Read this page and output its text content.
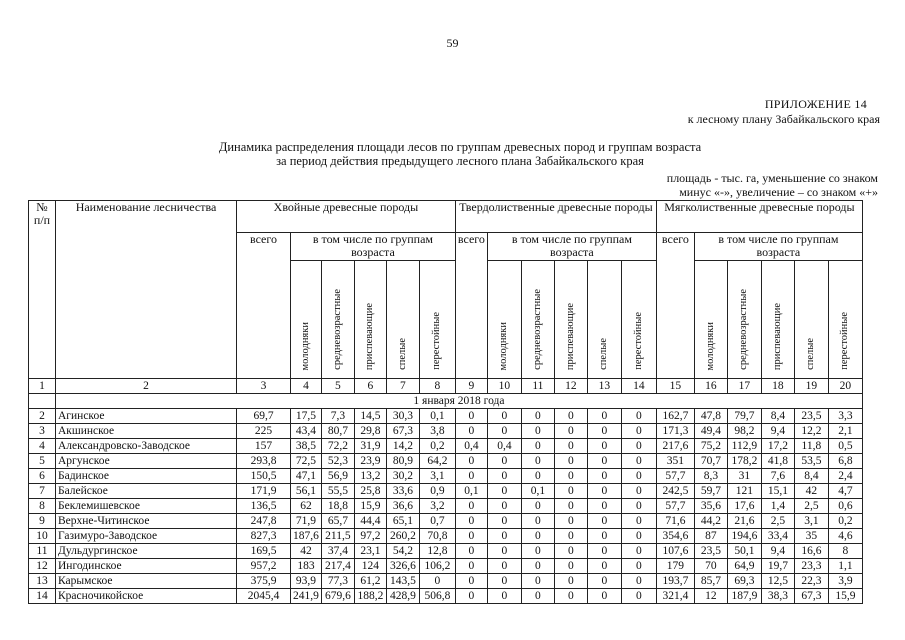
59
ПРИЛОЖЕНИЕ 14
к лесному плану Забайкальского края
Динамика распределения площади лесов по группам древесных пород и группам возраста
за период действия предыдущего лесного плана Забайкальского края
площадь - тыс. га, уменьшение со знаком
минус «-», увеличение – со знаком «+»
№ п/п	Наименование лесничества	Хвойные древесные породы						Твердолиственные древесные породы						Мягколиственные древесные породы					
		всего	в том числе по группам возраста					всего	в том числе по группам возраста					всего	в том числе по группам возраста				
			молодняки	средневозрастные	приспевающие	спелые	перестойные		молодняки	средневозрастные	приспевающие	спелые	перестойные		молодняки	средневозрастные	приспевающие	спелые	перестойные
1	2	3	4	5	6	7	8	9	10	11	12	13	14	15	16	17	18	19	20
	1 января 2018 года																		
2	Агинское	69,7	17,5	7,3	14,5	30,3	0,1	0	0	0	0	0	0	162,7	47,8	79,7	8,4	23,5	3,3
3	Акшинское	225	43,4	80,7	29,8	67,3	3,8	0	0	0	0	0	0	171,3	49,4	98,2	9,4	12,2	2,1
4	Александровско-Заводское	157	38,5	72,2	31,9	14,2	0,2	0,4	0,4	0	0	0	0	217,6	75,2	112,9	17,2	11,8	0,5
5	Аргунское	293,8	72,5	52,3	23,9	80,9	64,2	0	0	0	0	0	0	351	70,7	178,2	41,8	53,5	6,8
6	Бадинское	150,5	47,1	56,9	13,2	30,2	3,1	0	0	0	0	0	0	57,7	8,3	31	7,6	8,4	2,4
7	Балейское	171,9	56,1	55,5	25,8	33,6	0,9	0,1	0	0,1	0	0	0	242,5	59,7	121	15,1	42	4,7
8	Беклемишевское	136,5	62	18,8	15,9	36,6	3,2	0	0	0	0	0	0	57,7	35,6	17,6	1,4	2,5	0,6
9	Верхне-Читинское	247,8	71,9	65,7	44,4	65,1	0,7	0	0	0	0	0	0	71,6	44,2	21,6	2,5	3,1	0,2
10	Газимуро-Заводское	827,3	187,6	211,5	97,2	260,2	70,8	0	0	0	0	0	0	354,6	87	194,6	33,4	35	4,6
11	Дульдургинское	169,5	42	37,4	23,1	54,2	12,8	0	0	0	0	0	0	107,6	23,5	50,1	9,4	16,6	8
12	Ингодинское	957,2	183	217,4	124	326,6	106,2	0	0	0	0	0	0	179	70	64,9	19,7	23,3	1,1
13	Карымское	375,9	93,9	77,3	61,2	143,5	0	0	0	0	0	0	0	193,7	85,7	69,3	12,5	22,3	3,9
14	Красночикойское	2045,4	241,9	679,6	188,2	428,9	506,8	0	0	0	0	0	0	321,4	12	187,9	38,3	67,3	15,9
